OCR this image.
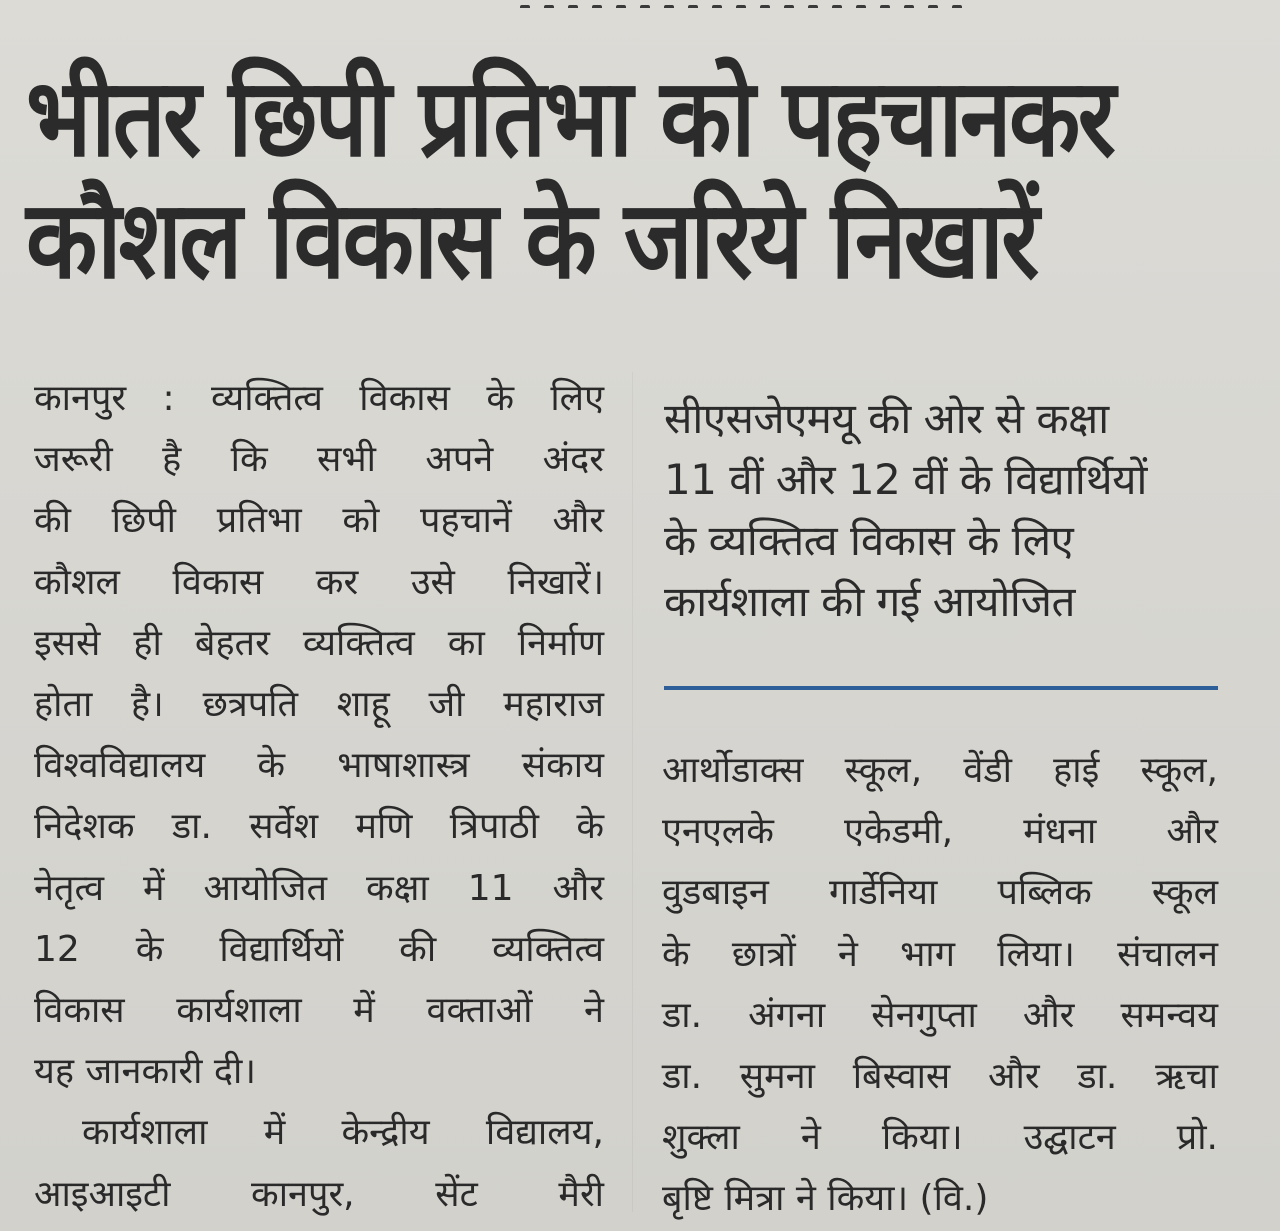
भीतर छिपी प्रतिभा को पहचानकर
कौशल विकास के जरिये निखारें
कानपुर : व्यक्तित्व विकास के लिए
जरूरी है कि सभी अपने अंदर
की छिपी प्रतिभा को पहचानें और
कौशल विकास कर उसे निखारें।
इससे ही बेहतर व्यक्तित्व का निर्माण
होता है। छत्रपति शाहू जी महाराज
विश्वविद्यालय के भाषाशास्त्र संकाय
निदेशक डा. सर्वेश मणि त्रिपाठी के
नेतृत्व में आयोजित कक्षा 11 और
12 के विद्यार्थियों की व्यक्तित्व
विकास कार्यशाला में वक्ताओं ने
यह जानकारी दी।
कार्यशाला में केन्द्रीय विद्यालय,
आइआइटी कानपुर, सेंट मैरी
सीएसजेएमयू की ओर से कक्षा
11 वीं और 12 वीं के विद्यार्थियों
के व्यक्तित्व विकास के लिए
कार्यशाला की गई आयोजित
आर्थोडाक्स स्कूल, वेंडी हाई स्कूल,
एनएलके एकेडमी, मंधना और
वुडबाइन गार्डेनिया पब्लिक स्कूल
के छात्रों ने भाग लिया। संचालन
डा. अंगना सेनगुप्ता और समन्वय
डा. सुमना बिस्वास और डा. ऋचा
शुक्ला ने किया। उद्घाटन प्रो.
बृष्टि मित्रा ने किया। (वि.)
